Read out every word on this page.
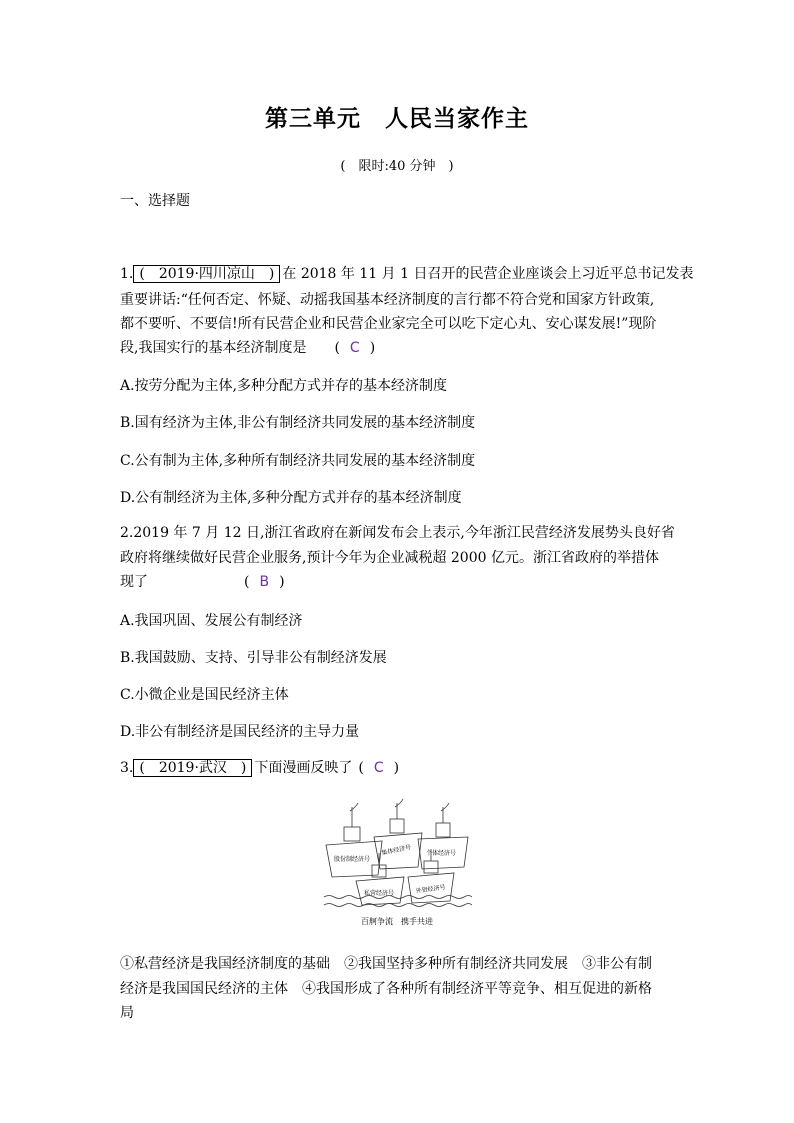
第三单元　人民当家作主
(　限时:40 分钟　)
一、选择题
1. (　 2019·四川凉山　 ) 在 2018 年 11 月 1 日召开的民营企业座谈会上习近平总书记发表
重要讲话:“任何否定、怀疑、动摇我国基本经济制度的言行都不符合党和国家方针政策,
都不要听、不要信!所有民营企业和民营企业家完全可以吃下定心丸、安心谋发展!”现阶
段,我国实行的基本经济制度是 ( C )
A.按劳分配为主体,多种分配方式并存的基本经济制度
B.国有经济为主体,非公有制经济共同发展的基本经济制度
C.公有制为主体,多种所有制经济共同发展的基本经济制度
D.公有制经济为主体,多种分配方式并存的基本经济制度
2.2019 年 7 月 12 日,浙江省政府在新闻发布会上表示,今年浙江民营经济发展势头良好省
政府将继续做好民营企业服务,预计今年为企业减税超 2000 亿元。浙江省政府的举措体
现了	( B )
A.我国巩固、发展公有制经济
B.我国鼓励、支持、引导非公有制经济发展
C.小微企业是国民经济主体
D.非公有制经济是国民经济的主导力量
3. (　 2019·武汉　 ) 下面漫画反映了 ( C )
股份制经济号
集体经济号 个体经济号
私营经济号	外资经济号
百舸争流　携手共进
①私营经济是我国经济制度的基础　②我国坚持多种所有制经济共同发展　③非公有制
经济是我国国民经济的主体　④我国形成了各种所有制经济平等竞争、相互促进的新格
局
